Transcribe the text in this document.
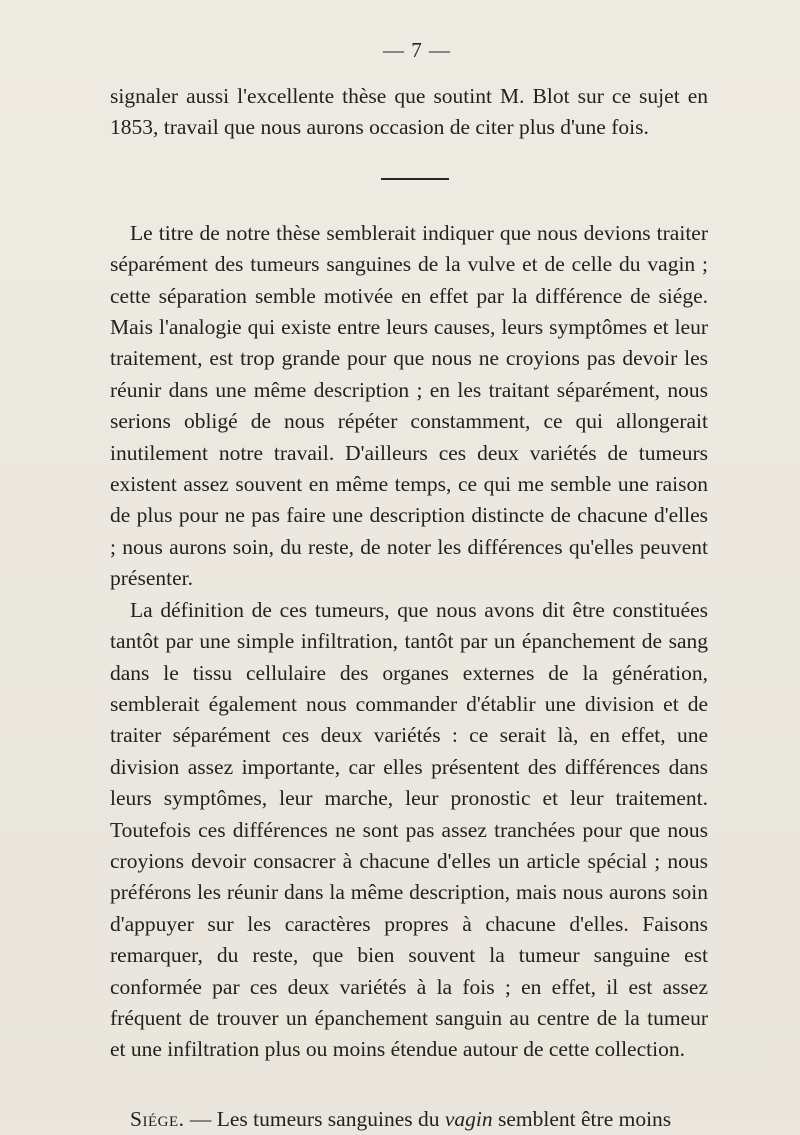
— 7 —

signaler aussi l'excellente thèse que soutint M. Blot sur ce sujet en 1853, travail que nous aurons occasion de citer plus d'une fois.

Le titre de notre thèse semblerait indiquer que nous devions traiter séparément des tumeurs sanguines de la vulve et de celle du vagin ; cette séparation semble motivée en effet par la différence de siége. Mais l'analogie qui existe entre leurs causes, leurs symptômes et leur traitement, est trop grande pour que nous ne croyions pas devoir les réunir dans une même description ; en les traitant séparément, nous serions obligé de nous répéter constamment, ce qui allongerait inutilement notre travail. D'ailleurs ces deux variétés de tumeurs existent assez souvent en même temps, ce qui me semble une raison de plus pour ne pas faire une description distincte de chacune d'elles ; nous aurons soin, du reste, de noter les différences qu'elles peuvent présenter.

La définition de ces tumeurs, que nous avons dit être constituées tantôt par une simple infiltration, tantôt par un épanchement de sang dans le tissu cellulaire des organes externes de la génération, semblerait également nous commander d'établir une division et de traiter séparément ces deux variétés : ce serait là, en effet, une division assez importante, car elles présentent des différences dans leurs symptômes, leur marche, leur pronostic et leur traitement. Toutefois ces différences ne sont pas assez tranchées pour que nous croyions devoir consacrer à chacune d'elles un article spécial ; nous préférons les réunir dans la même description, mais nous aurons soin d'appuyer sur les caractères propres à chacune d'elles. Faisons remarquer, du reste, que bien souvent la tumeur sanguine est conformée par ces deux variétés à la fois ; en effet, il est assez fréquent de trouver un épanchement sanguin au centre de la tumeur et une infiltration plus ou moins étendue autour de cette collection.

Siége. — Les tumeurs sanguines du vagin semblent être moins
